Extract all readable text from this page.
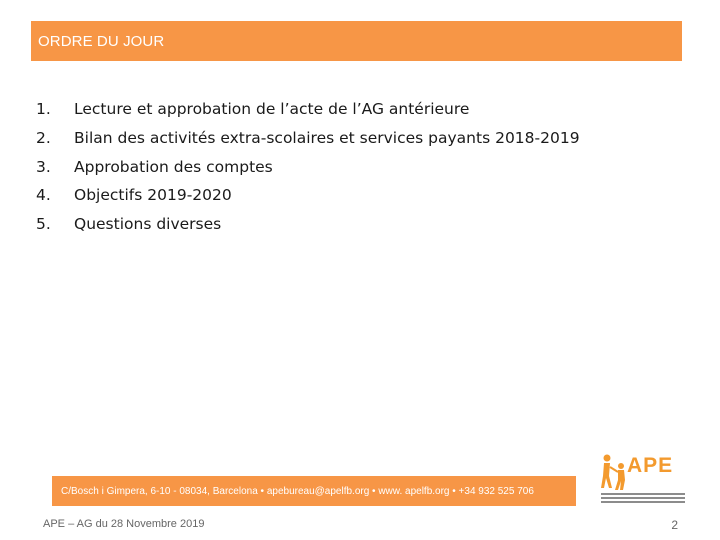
ORDRE DU JOUR
1.	Lecture et approbation de l’acte de l’AG antérieure
2.	Bilan des activités extra-scolaires et services payants 2018-2019
3.	Approbation des comptes
4.	Objectifs 2019-2020
5.	Questions diverses
C/Bosch i Gimpera, 6-10 - 08034, Barcelona • apebureau@apelfb.org • www. apelfb.org • +34 932 525 706
APE
APE – AG du 28 Novembre 2019	2
